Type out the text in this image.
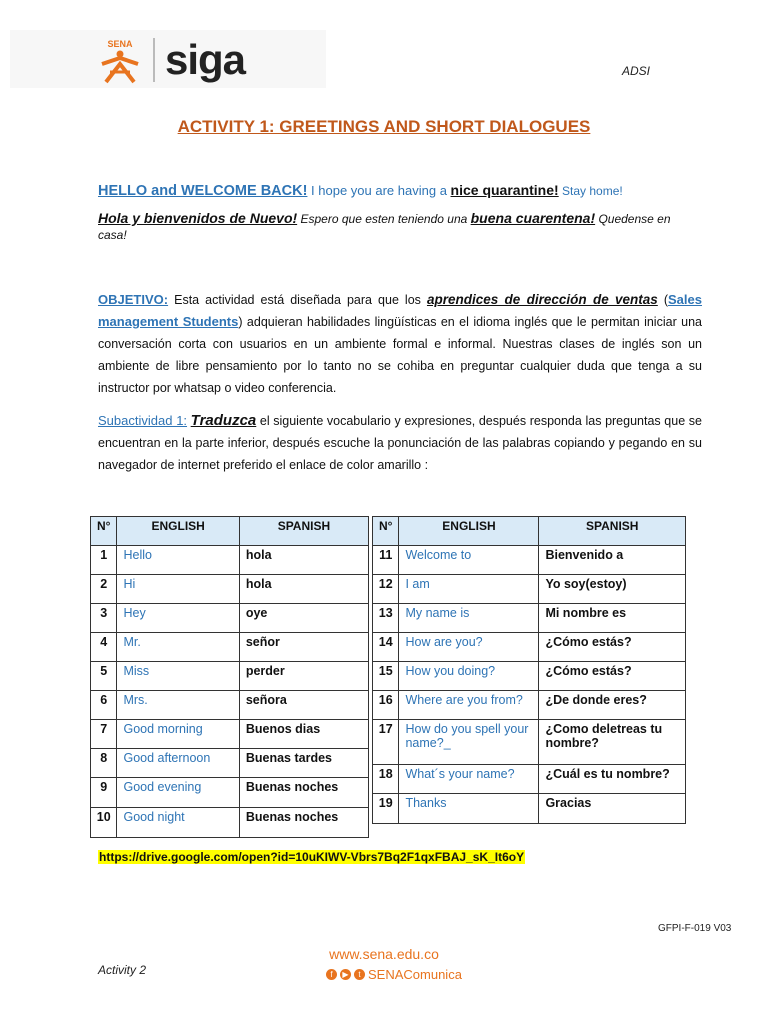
SENA siga	ADSI
ACTIVITY 1: GREETINGS AND SHORT DIALOGUES
HELLO and WELCOME BACK! I hope you are having a nice quarantine! Stay home!
Hola y bienvenidos de Nuevo! Espero que esten teniendo una buena cuarentena! Quedense en casa!
OBJETIVO: Esta actividad está diseñada para que los aprendices de dirección de ventas (Sales management Students) adquieran habilidades lingüísticas en el idioma inglés que le permitan iniciar una conversación corta con usuarios en un ambiente formal e informal. Nuestras clases de inglés son un ambiente de libre pensamiento por lo tanto no se cohiba en preguntar cualquier duda que tenga a su instructor por whatsap o video conferencia.
Subactividad 1: Traduzca el siguiente vocabulario y expresiones, después responda las preguntas que se encuentran en la parte inferior, después escuche la ponunciación de las palabras copiando y pegando en su navegador de internet preferido el enlace de color amarillo :
N°	ENGLISH	SPANISH
1	Hello	hola
2	Hi	hola
3	Hey	oye
4	Mr.	señor
5	Miss	perder
6	Mrs.	señora
7	Good morning	Buenos dias
8	Good afternoon	Buenas tardes
9	Good evening	Buenas noches
10	Good night	Buenas noches
N°	ENGLISH	SPANISH
11	Welcome to	Bienvenido a
12	I am	Yo soy(estoy)
13	My name is	Mi nombre es
14	How are you?	¿Cómo estás?
15	How you doing?	¿Cómo estás?
16	Where are you from?	¿De donde eres?
17	How do you spell your name?_	¿Como deletreas tu nombre?
18	What´s your name?	¿Cuál es tu nombre?
19	Thanks	Gracias
https://drive.google.com/open?id=10uKIWV-Vbrs7Bq2F1qxFBAJ_sK_It6oY
GFPI-F-019 V03
Activity 2
www.sena.edu.co
f	▶	t SENAComunica
